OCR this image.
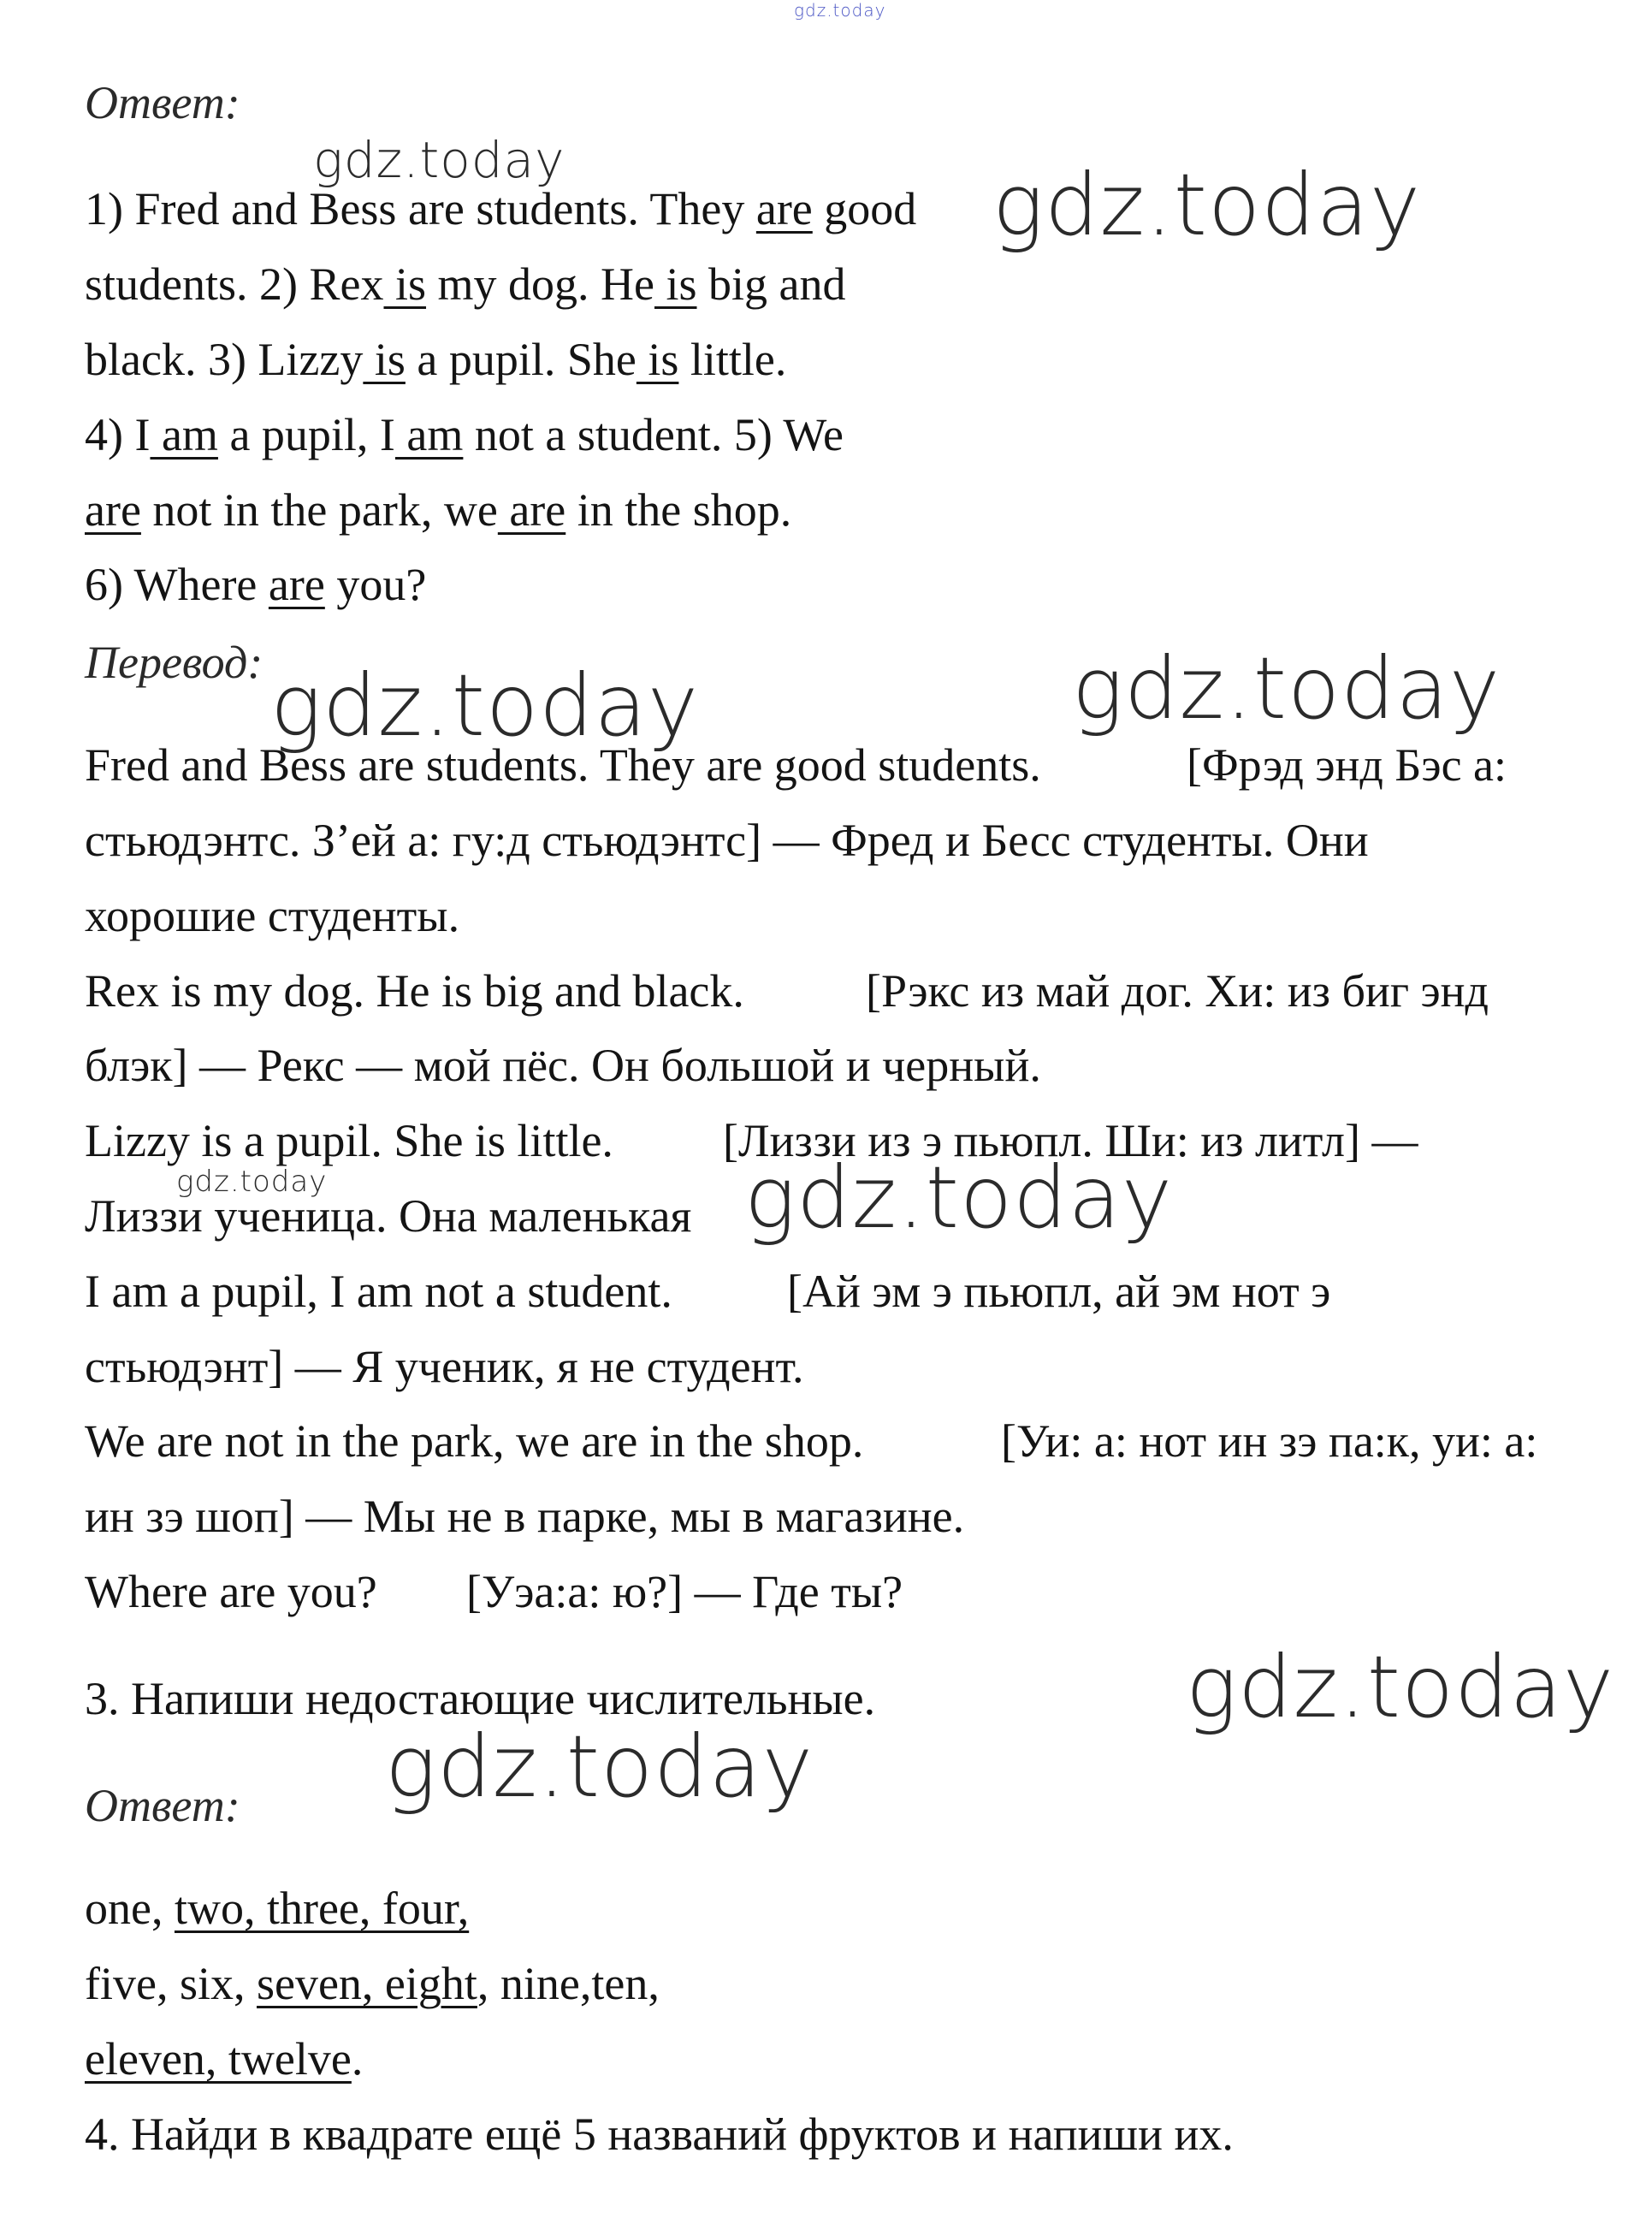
gdz.today
gdz.today	gdz.today
gdz.today	gdz.today
gdz.today	gdz.today
gdz.today
gdz.today
Ответ:
1) Fred and Bess are students. They are good
students. 2) Rex is my dog. He is big and
black. 3) Lizzy is a pupil. She is little.
4) I am a pupil, I am not a student. 5) We
are not in the park, we are in the shop.
6) Where are you?
Перевод:
Fred and Bess are students. They are good students.	[Фрэд энд Бэс а:
стьюдэнтс. З’ей а: гу:д стьюдэнтс] — Фред и Бесс студенты. Они
хорошие студенты.
Rex is my dog. He is big and black.	[Рэкс из май дог. Хи: из биг энд
блэк] — Рекс — мой пёс. Он большой и черный.
Lizzy is a pupil. She is little. [Лиззи из э пьюпл. Ши: из литл] —
Лиззи ученица. Она маленькая
I am a pupil, I am not a student. [Ай эм э пьюпл, ай эм нот э
стьюдэнт] — Я ученик, я не студент.
We are not in the park, we are in the shop.	[Уи: а: нот ин зэ па:к, уи: а:
ин зэ шоп] — Мы не в парке, мы в магазине.
Where are you? [Уэа:а: ю?] — Где ты?
3. Напиши недостающие числительные.
Ответ:
one, two, three, four,
five, six, seven, eight, nine,ten,
eleven, twelve.
4. Найди в квадрате ещё 5 названий фруктов и напиши их.
